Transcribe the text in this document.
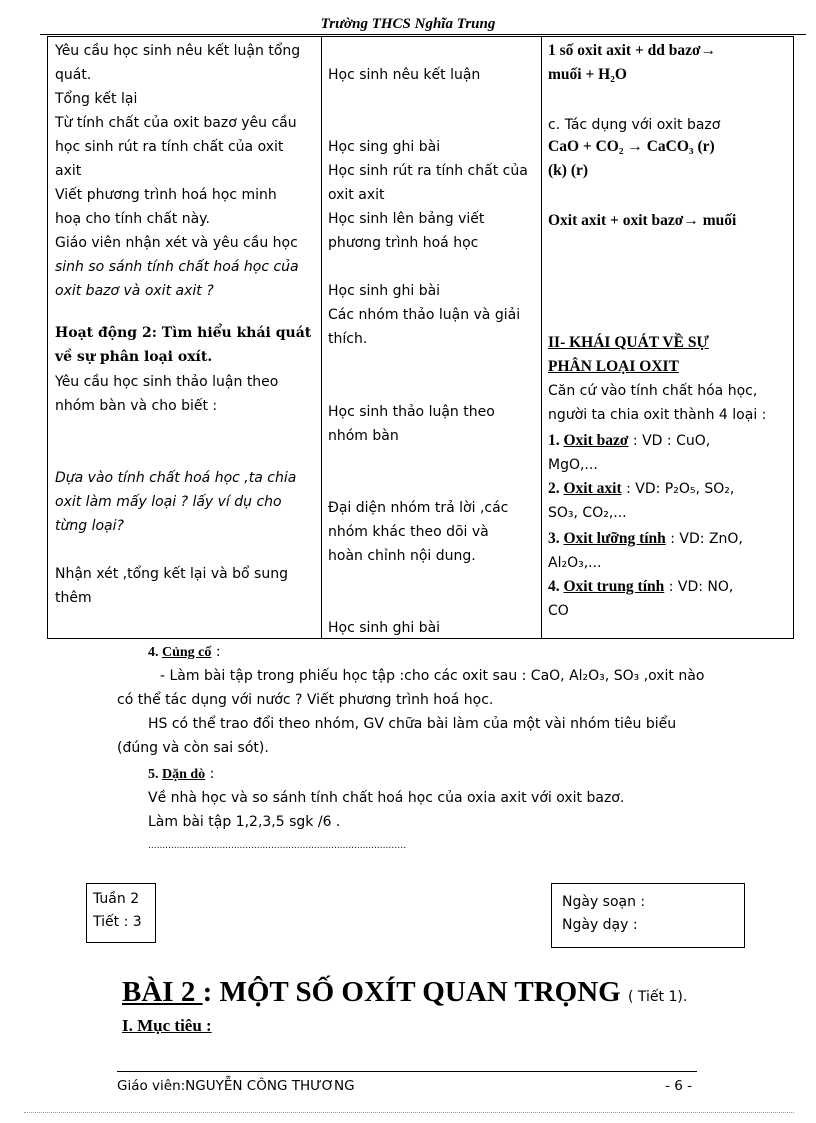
Trường THCS Nghĩa Trung
Yêu cầu học sinh nêu kết luận tổng
quát.
Tổng kết lại
Từ tính chất của oxit bazơ yêu cầu
học sinh rút ra tính chất của oxit
axit
Viết phương trình hoá học minh
hoạ cho tính chất này.
Giáo viên nhận xét và yêu cầu học
sinh so sánh tính chất hoá học của
oxit bazơ và oxit axit ?
Hoạt động 2: Tìm hiểu khái quát
về sự phân loại oxít.
Yêu cầu học sinh thảo luận theo
nhóm bàn và cho biết :
Dựa vào tính chất hoá học ,ta chia
oxit làm mấy loại ? lấy ví dụ cho
từng loại?
Nhận xét ,tổng kết lại và bổ sung
thêm

Học sinh nêu kết luận
Học sing ghi bài
Học sinh rút ra tính chất của
oxit axit
Học sinh lên bảng viết
phương trình hoá học
Học sinh ghi bài
Các nhóm thảo luận và giải
thích.
Học sinh thảo luận theo
nhóm bàn
Đại diện nhóm trả lời ,các
nhóm khác theo dõi và
hoàn chỉnh nội dung.
Học sinh ghi bài

1 số oxit axit + dd bazơ→
muối + H₂O
c. Tác dụng với oxit bazơ
CaO + CO₂ → CaCO₃ (r)
(k) (r)
Oxit axit + oxit bazơ→ muối
II- KHÁI QUÁT VỀ SỰ
PHÂN LOẠI OXIT
Căn cứ vào tính chất hóa học,
người ta chia oxit thành 4 loại :
1. Oxit bazơ : VD : CuO,
MgO,...
2. Oxit axit : VD: P₂O₅, SO₂,
SO₃, CO₂,...
3. Oxit lưỡng tính : VD: ZnO,
Al₂O₃,...
4. Oxit trung tính : VD: NO,
CO
4. Củng cố :
- Làm bài tập trong phiếu học tập :cho các oxit sau : CaO, Al₂O₃, SO₃ ,oxit nào
có thể tác dụng với nước ? Viết phương trình hoá học.
HS có thể trao đổi theo nhóm, GV chữa bài làm của một vài nhóm tiêu biểu
(đúng và còn sai sót).
5. Dặn dò :
Về nhà học và so sánh tính chất hoá học của oxia axit với oxit bazơ.
Làm bài tập 1,2,3,5 sgk /6 .
....................................................................................……
Tuần 2
Tiết : 3
Ngày soạn :
Ngày dạy :
BÀI 2 : MỘT SỐ OXÍT QUAN TRỌNG ( Tiết 1).
I. Mục tiêu :
Giáo viên:NGUYỄN CÔNG THƯƠNG	- 6 -
